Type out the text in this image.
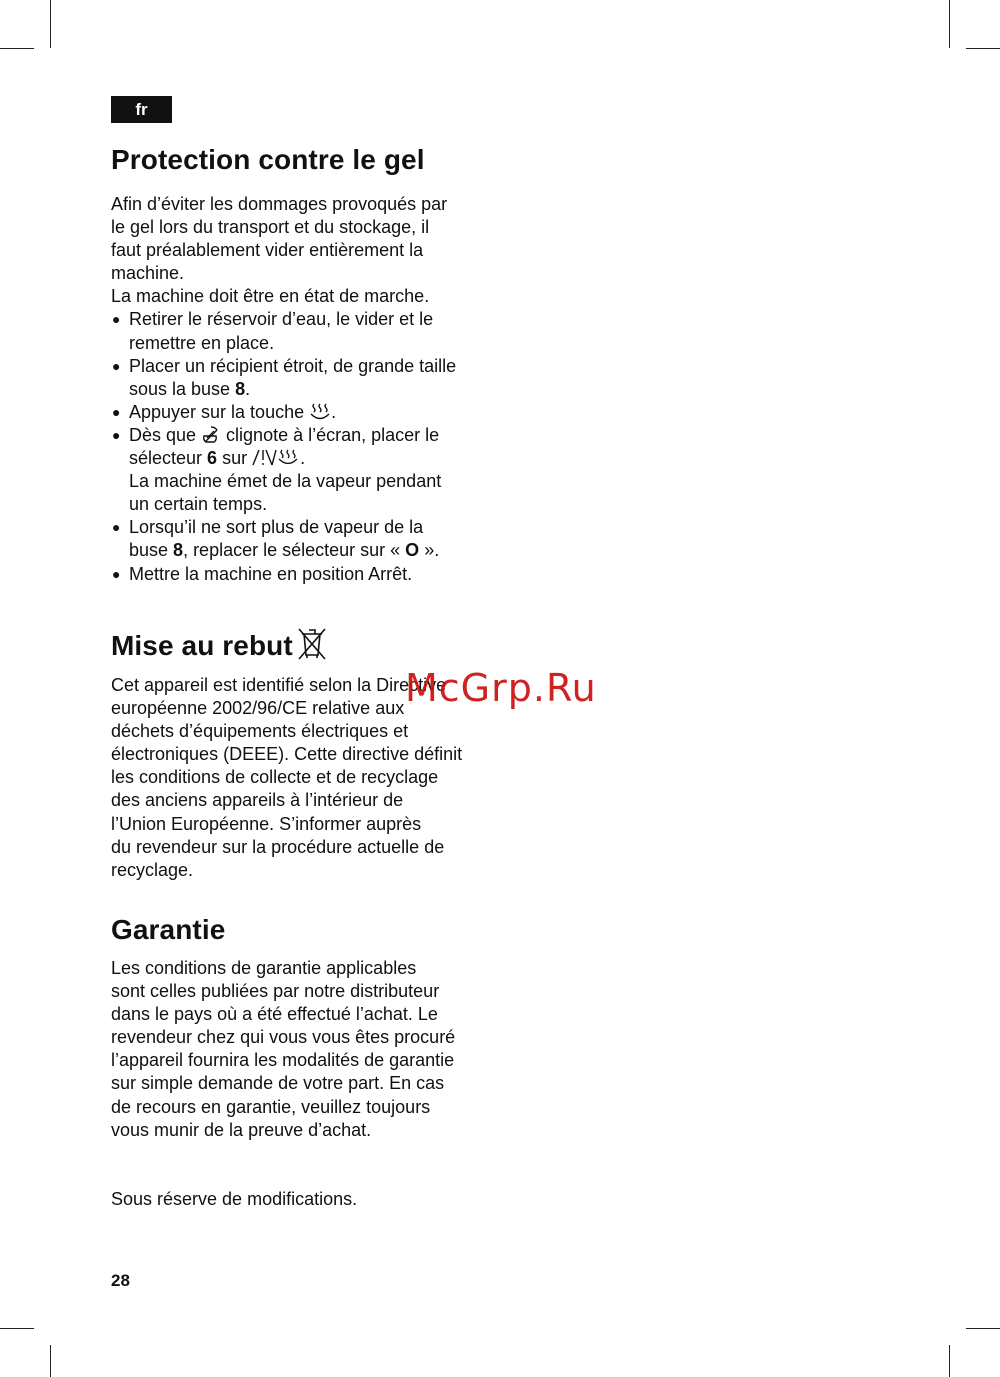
fr
Protection contre le gel

Afin d’éviter les dommages provoqués par

le gel lors du transport et du stockage, il

faut préalablement vider entièrement la

machine.

La machine doit être en état de marche.

● Retirer le réservoir d’eau, le vider et le
remettre en place.
● Placer un récipient étroit, de grande taille
sous la buse 8.
● Appuyer sur la touche .
● Dès que  clignote à l’écran, placer le
sélecteur 6 sur	.
La machine émet de la vapeur pendant
un certain temps.
● Lorsqu’il ne sort plus de vapeur de la
buse 8, replacer le sélecteur sur « O ».
● Mettre la machine en position Arrêt.
Mise au rebut

Cet appareil est identifié selon la Directive

européenne 2002/96/CE relative aux

déchets d’équipements électriques et

électroniques (DEEE). Cette directive définit

les conditions de collecte et de recyclage

des anciens appareils à l’intérieur de

l’Union Européenne. S’informer auprès

du revendeur sur la procédure actuelle de

recyclage.

Garantie

Les conditions de garantie applicables

sont celles publiées par notre distributeur

dans le pays où a été effectué l’achat. Le

revendeur chez qui vous vous êtes procuré

l’appareil fournira les modalités de garantie

sur simple demande de votre part. En cas

de recours en garantie, veuillez toujours

vous munir de la preuve d’achat.

Sous réserve de modifications.
28
McGrp.Ru
